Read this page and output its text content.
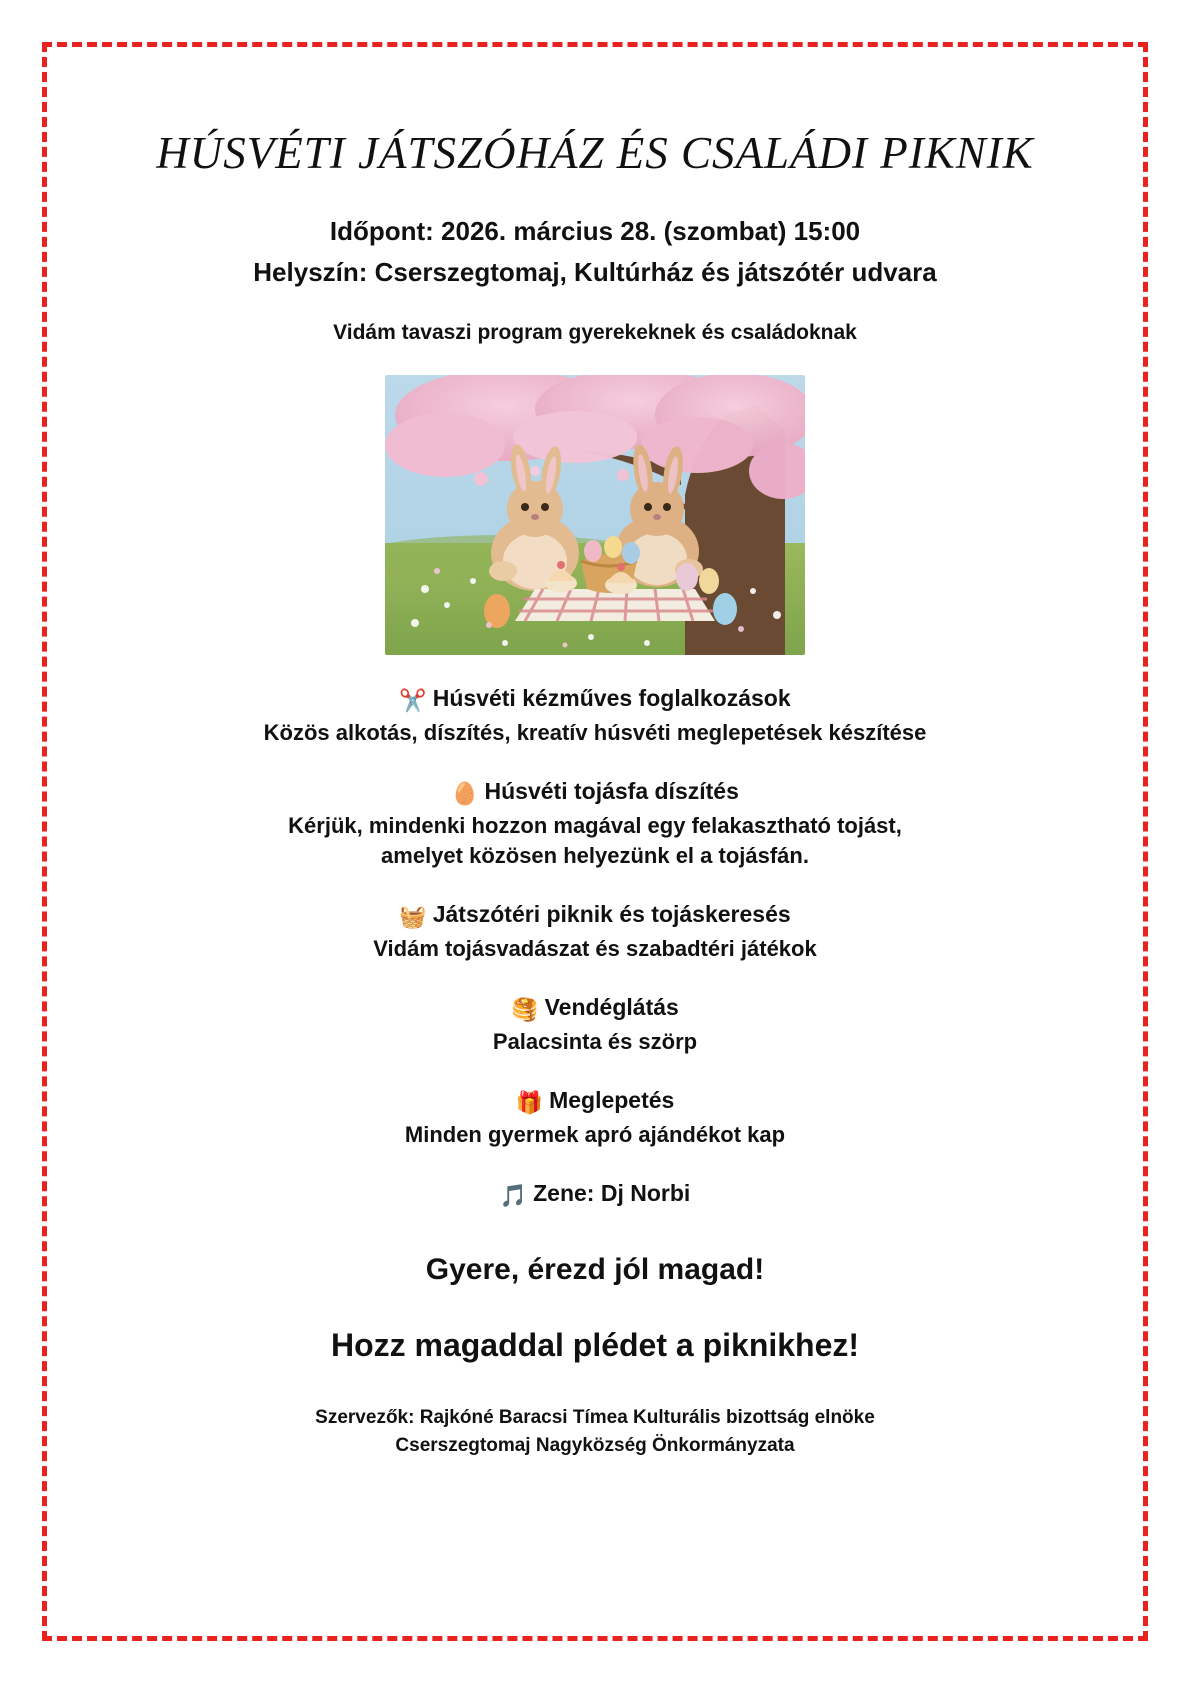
HÚSVÉTI JÁTSZÓHÁZ ÉS CSALÁDI PIKNIK
Időpont: 2026. március 28. (szombat) 15:00
Helyszín: Cserszegtomaj, Kultúrház és játszótér udvara
Vidám tavaszi program gyerekeknek és családoknak
✂️ Húsvéti kézműves foglalkozások
Közös alkotás, díszítés, kreatív húsvéti meglepetések készítése
🥚 Húsvéti tojásfa díszítés
Kérjük, mindenki hozzon magával egy felakasztható tojást,
amelyet közösen helyezünk el a tojásfán.
🧺 Játszótéri piknik és tojáskeresés
Vidám tojásvadászat és szabadtéri játékok
🥞 Vendéglátás
Palacsinta és szörp
🎁 Meglepetés
Minden gyermek apró ajándékot kap
🎵 Zene: Dj Norbi
Gyere, érezd jól magad!
Hozz magaddal plédet a piknikhez!
Szervezők: Rajkóné Baracsi Tímea Kulturális bizottság elnöke
Cserszegtomaj Nagyközség Önkormányzata
